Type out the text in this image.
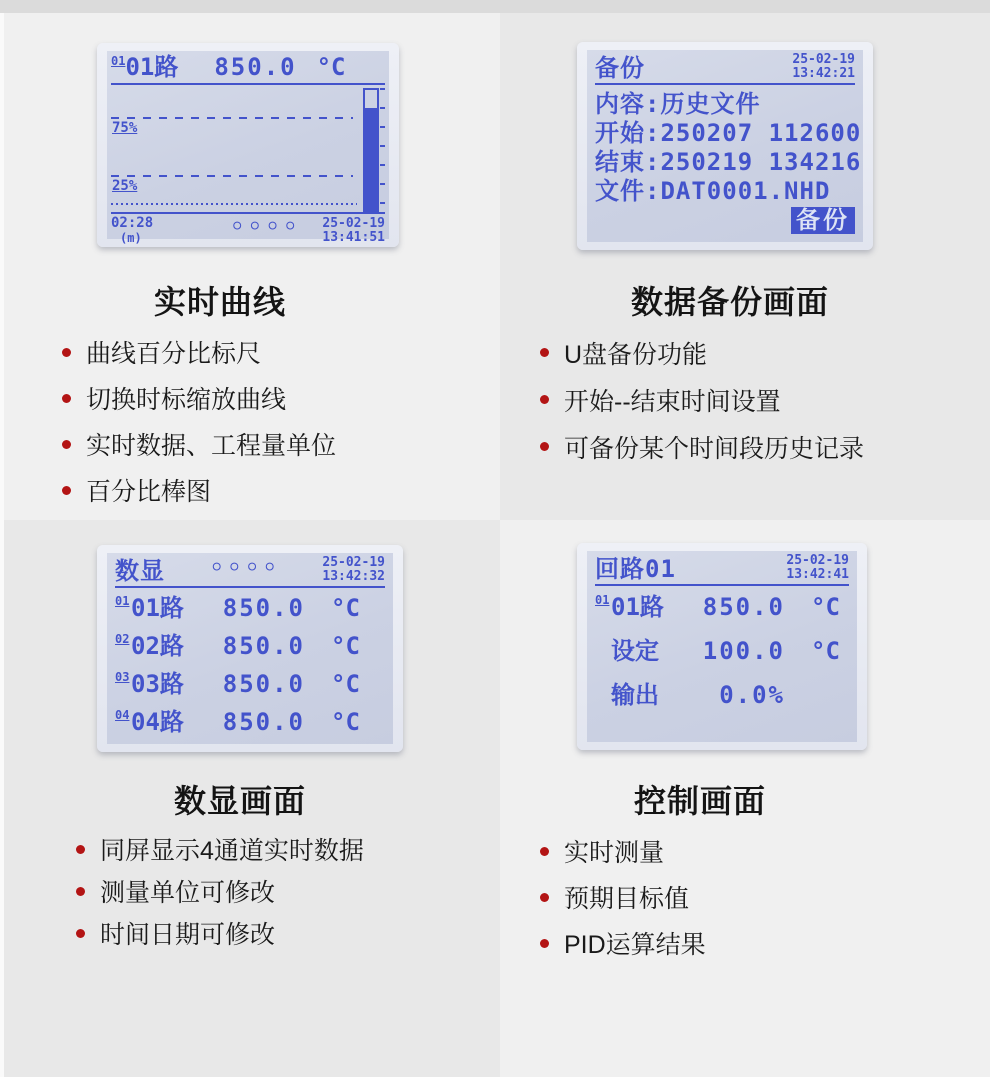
01 01路 850.0 °C
75%
25%
02:28
(m)
○ ○ ○ ○	25-02-19
13:41:51
实时曲线
曲线百分比标尺
切换时标缩放曲线
实时数据、工程量单位
百分比棒图
备份	25-02-19
13:42:21
内容:历史文件
开始:250207 112600
结束:250219 134216
文件:DAT0001.NHD
备份
数据备份画面
U盘备份功能
开始--结束时间设置
可备份某个时间段历史记录
数显	○ ○ ○ ○	25-02-19
13:42:32
01 01路	850.0 °C
02 02路	850.0 °C
03 03路	850.0 °C
04 04路	850.0 °C
数显画面
同屏显示4通道实时数据
测量单位可修改
时间日期可修改
回路01	25-02-19
13:42:41
01 01路	850.0 °C
设定	100.0 °C
输出	0.0%
控制画面
实时测量
预期目标值
PID运算结果
